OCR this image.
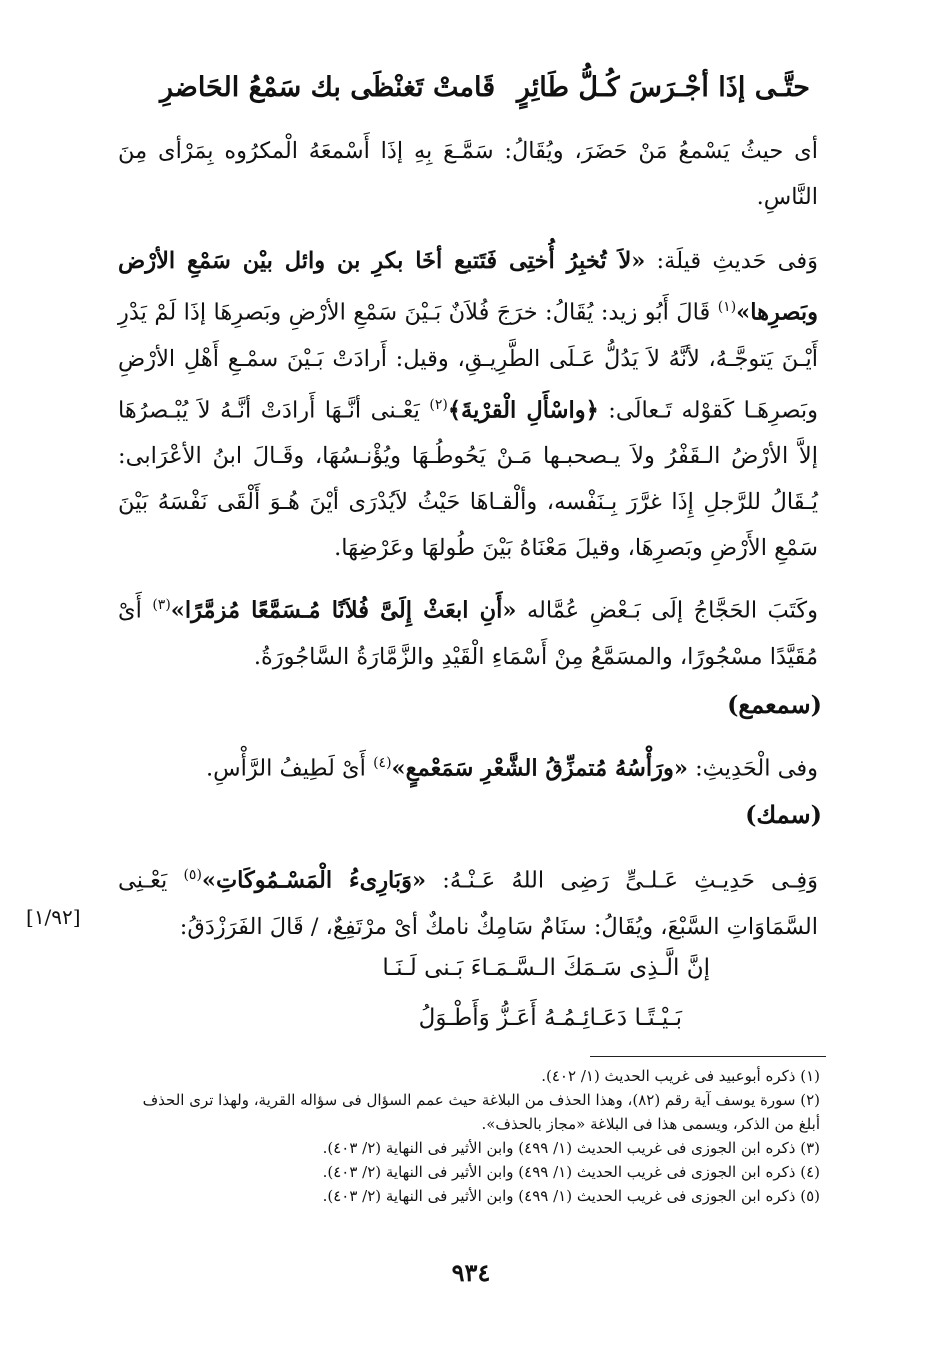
حتَّـى إذَا أجْـرَسَ كُـلُّ طَائِرٍ
قَامتْ تَغنْظَى بك سَمْعُ الحَاضرِ
أى حيثُ يَسْمعُ مَنْ حَضَرَ، ويُقَالُ: سَمَّـعَ بِهِ إذَا أَسْمعَهُ الْمكرُوه بِمَرْأى مِنَ النَّاسِ.
وَفى حَديثِ قيلَة: «لاَ تُخبِرُ أُختِى فَتَتبع أخَا بكرِ بن وائل بيْن سَمْعِ الأرْض وبَصرِها»$^{(١)}$ قَالَ أَبُو زيد: يُقَالُ: خرَجَ فُلاَنٌ بَـيْنَ سَمْعِ الأرْضِ وبَصرِهَا إذَا لَمْ يَدْرِ أَيْـنَ يَتوجَّـهُ، لأنَّهُ لاَ يَدُلُّ عَـلَى الطَّرِيـقِ، وقيل: أَرادَتْ بَـيْنَ سمْـعِ أَهْلِ الأرْضِ وبَصرِهَـا كَقوْله تَـعالَى: ﴿واسْأَلِ الْقرْيةَ﴾$^{(٢)}$ يَعْـنى أنَّـهَا أَرادَتْ أنَّـهُ لاَ يُبْـصرُهَا إلاَّ الأرْضُ الـقَفْرُ ولاَ يـصحبـها مَـنْ يَحُوطُـهَا ويُؤْنـسُهَا، وقَـالَ ابنُ الأعْرَابى: يُـقَالُ للرَّجلِ إِذَا غرَّرَ بِـنَفْسه، وألْقـاهَا حَيْثُ لاَيُدْرَى أيْنَ هُـوَ أَلْقَى نَفْسَهُ بَيْنَ سَمْعِ الأَرْضِ وبَصرِهَا، وقيلَ مَعْنَاهُ بَيْنَ طُولهَا وعَرْضِهَا.
وكَتَبَ الحَجَّاجُ إلَى بَـعْضِ عُمَّاله «أَنِ ابعَثْ إِلَىَّ فُلاَنًا مُـسَمَّعًا مُزمَّرًا»$^{(٣)}$ أَىْ مُقَيَّدًا مسْجُورًا، والمسَمَّعُ مِنْ أَسْمَاءِ الْقَيْدِ والزَّمَّارَةُ السَّاجُورَةُ.
(سمعمع)
وفى الْحَدِيثِ: «ورَأْسُهُ مُتمزِّقُ الشَّعْرِ سَمَعْمعٍ»$^{(٤)}$ أَىْ لَطِيفُ الرَّأْسِ.
(سمك)
وَفِـى حَدِيـثِ عَـلـىٍّ رَضِى اللهُ عَـنْـهُ: «وَبَارِىءُ الْمَسْـمُوكَاتِ»$^{(٥)}$ يَعْـنِى السَّمَاوَاتِ السَّبْعَ، ويُقَالُ: سنَامٌ سَامِكٌ نامكٌ أىْ مرْتَفِعٌ، / قَالَ الفَرَزْدَقُ:
[١/٩٢]
إنَّ الَّـذِى سَـمَكَ الـسَّـمَـاءَ بَـنى لَـنَـا
بَـيْـتًـا دَعَـائِـمُـهُ أَعَـزُّ وَأَطْـوَلُ

(١) ذكره أبوعبيد فى غريب الحديث (١/ ٤٠٢).

(٢) سورة يوسف آية رقم (٨٢)، وهذا الحذف من البلاغة حيث عمم السؤال فى سؤاله القرية، ولهذا ترى الحذف أبلغ من الذكر، ويسمى هذا فى البلاغة «مجاز بالحذف».

(٣) ذكره ابن الجوزى فى غريب الحديث (١/ ٤٩٩) وابن الأثير فى النهاية (٢/ ٤٠٣).

(٤) ذكره ابن الجوزى فى غريب الحديث (١/ ٤٩٩) وابن الأثير فى النهاية (٢/ ٤٠٣).

(٥) ذكره ابن الجوزى فى غريب الحديث (١/ ٤٩٩) وابن الأثير فى النهاية (٢/ ٤٠٣).

٩٣٤
